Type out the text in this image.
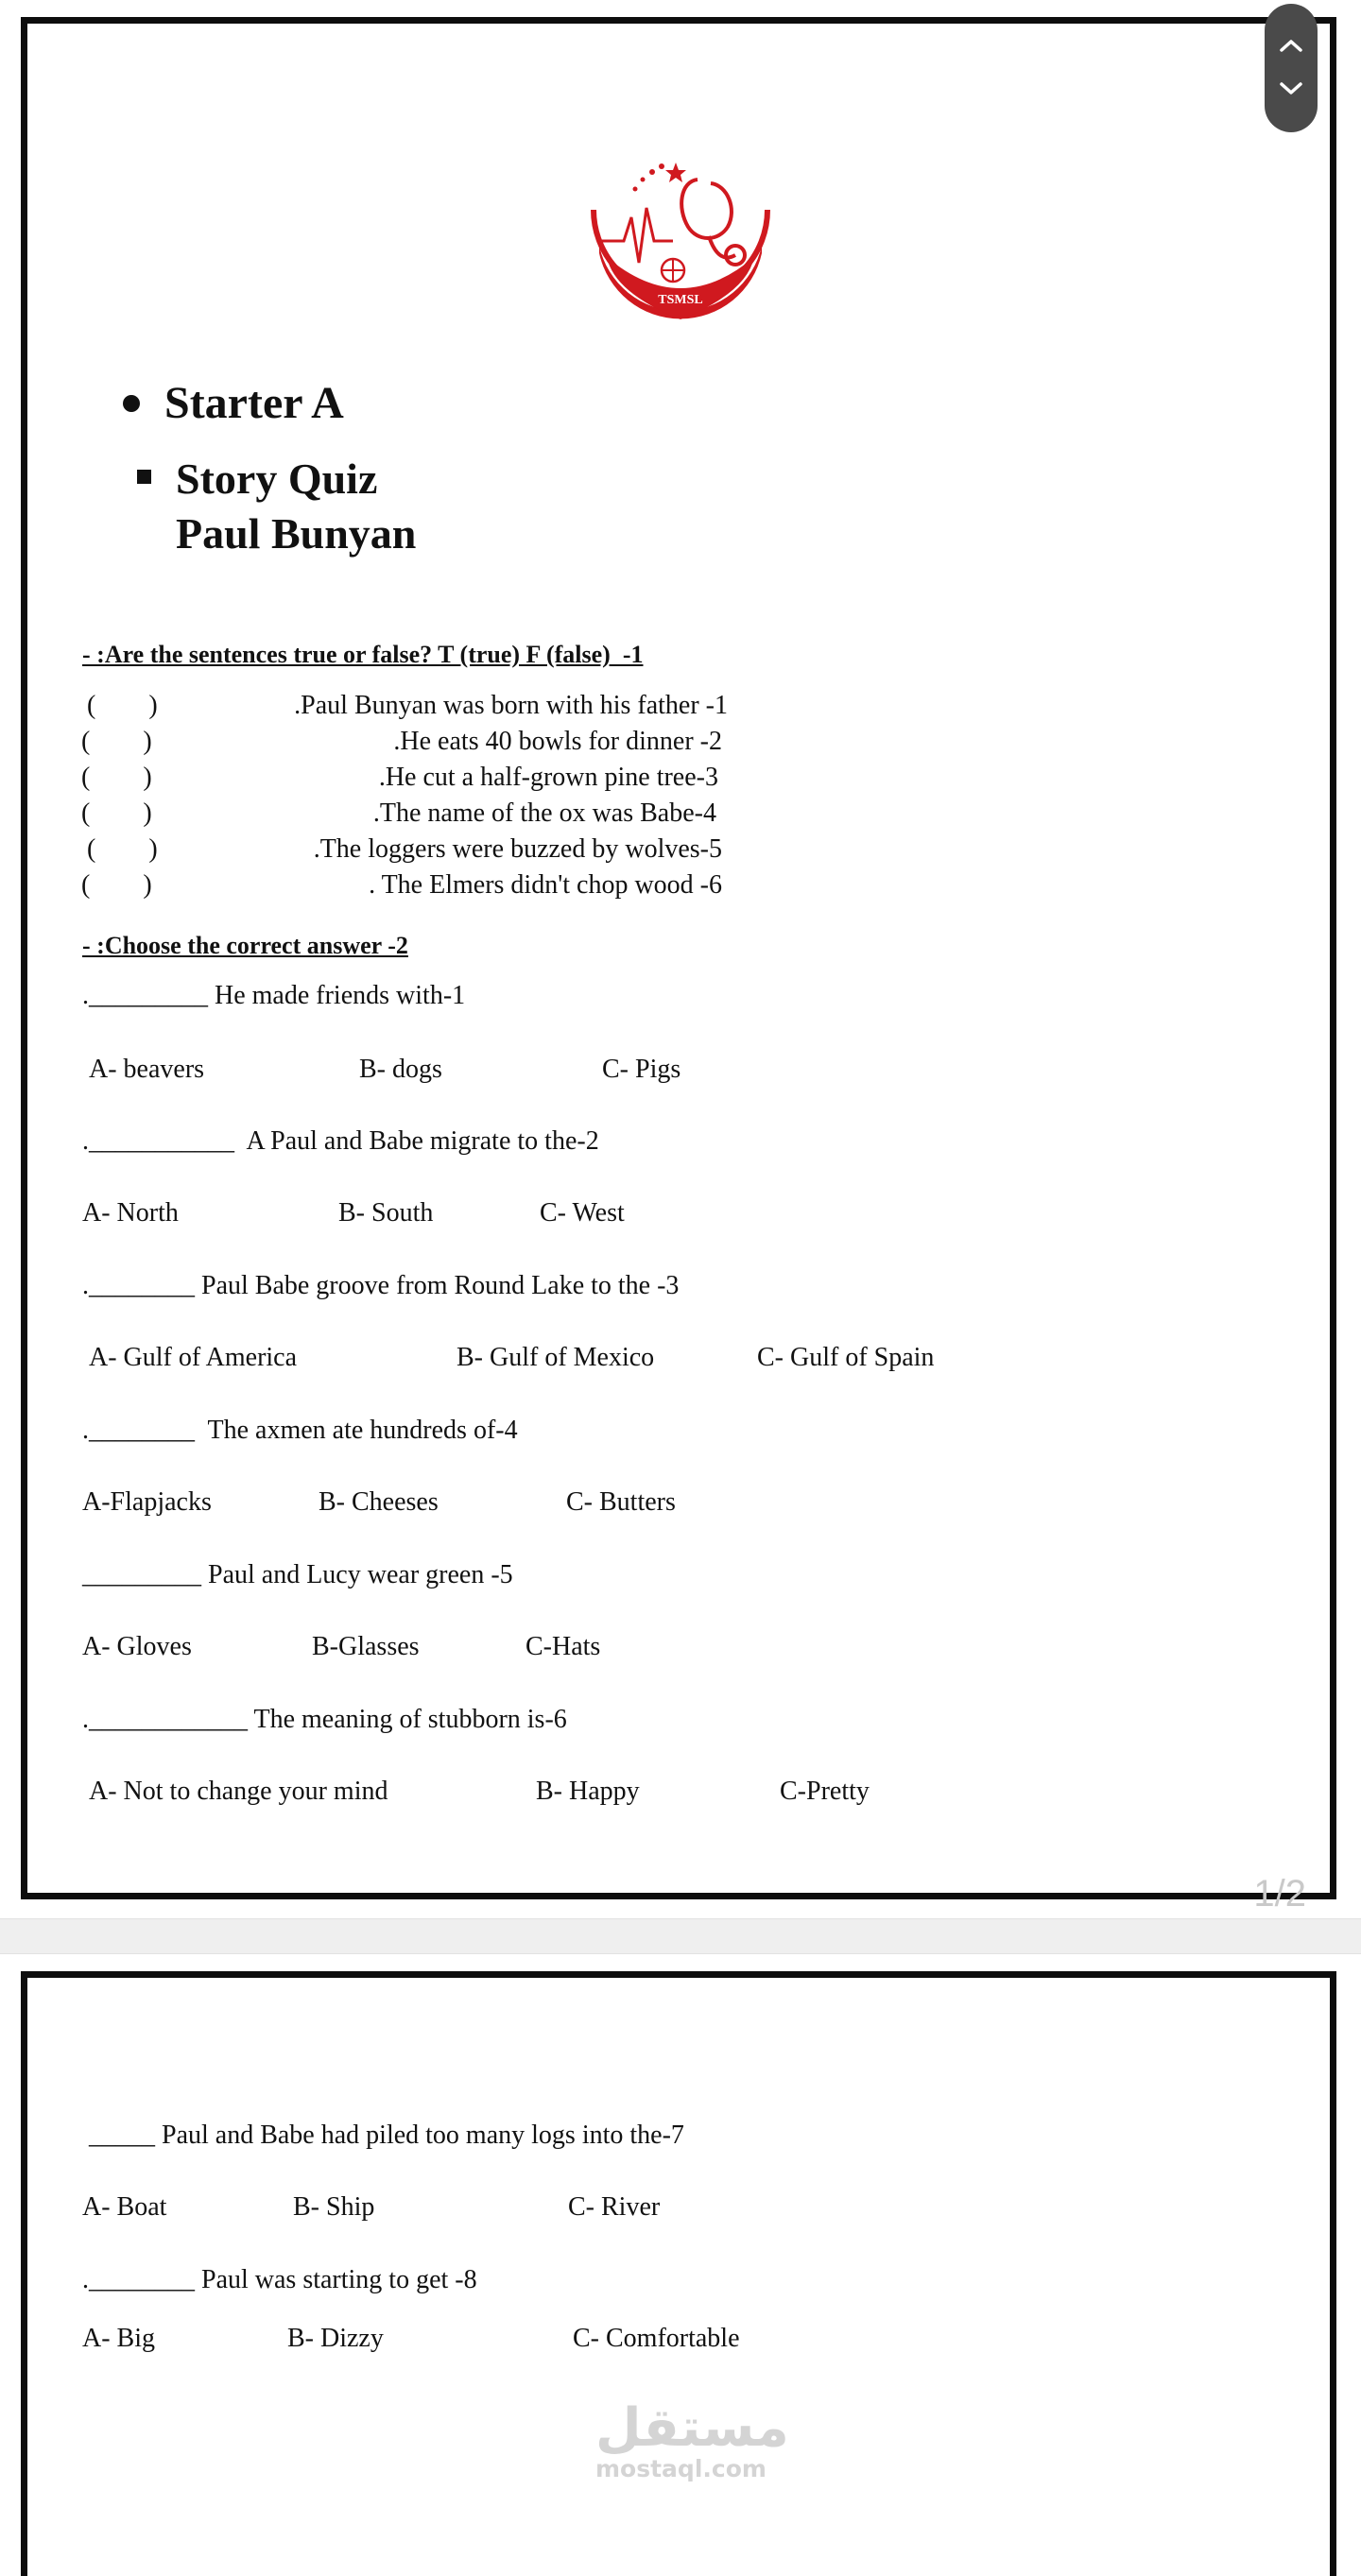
1/2
TSMSL
Starter A
Story Quiz
Paul Bunyan
- :Are the sentences true or false? T (true) F (false)  -1
(        )	.Paul Bunyan was born with his father -1
(        )	.He eats 40 bowls for dinner -2
(        )	.He cut a half-grown pine tree-3
(        )	.The name of the ox was Babe-4
(        )	.The loggers were buzzed by wolves-5
(        )	. The Elmers didn't chop wood -6
- :Choose the correct answer -2
._________ He made friends with-1
A- beavers	B- dogs	C- Pigs
.___________  A Paul and Babe migrate to the-2
A- North	B- South	C- West
.________ Paul Babe groove from Round Lake to the -3
A- Gulf of America	B- Gulf of Mexico	C- Gulf of Spain
.________  The axmen ate hundreds of-4
A-Flapjacks	B- Cheeses	C- Butters
_________ Paul and Lucy wear green -5
A- Gloves	B-Glasses	C-Hats
.____________ The meaning of stubborn is-6
A- Not to change your mind	B- Happy	C-Pretty
_____ Paul and Babe had piled too many logs into the-7
A- Boat	B- Ship	C- River
.________ Paul was starting to get -8
A- Big	B- Dizzy	C- Comfortable
مستقل
mostaql.com
